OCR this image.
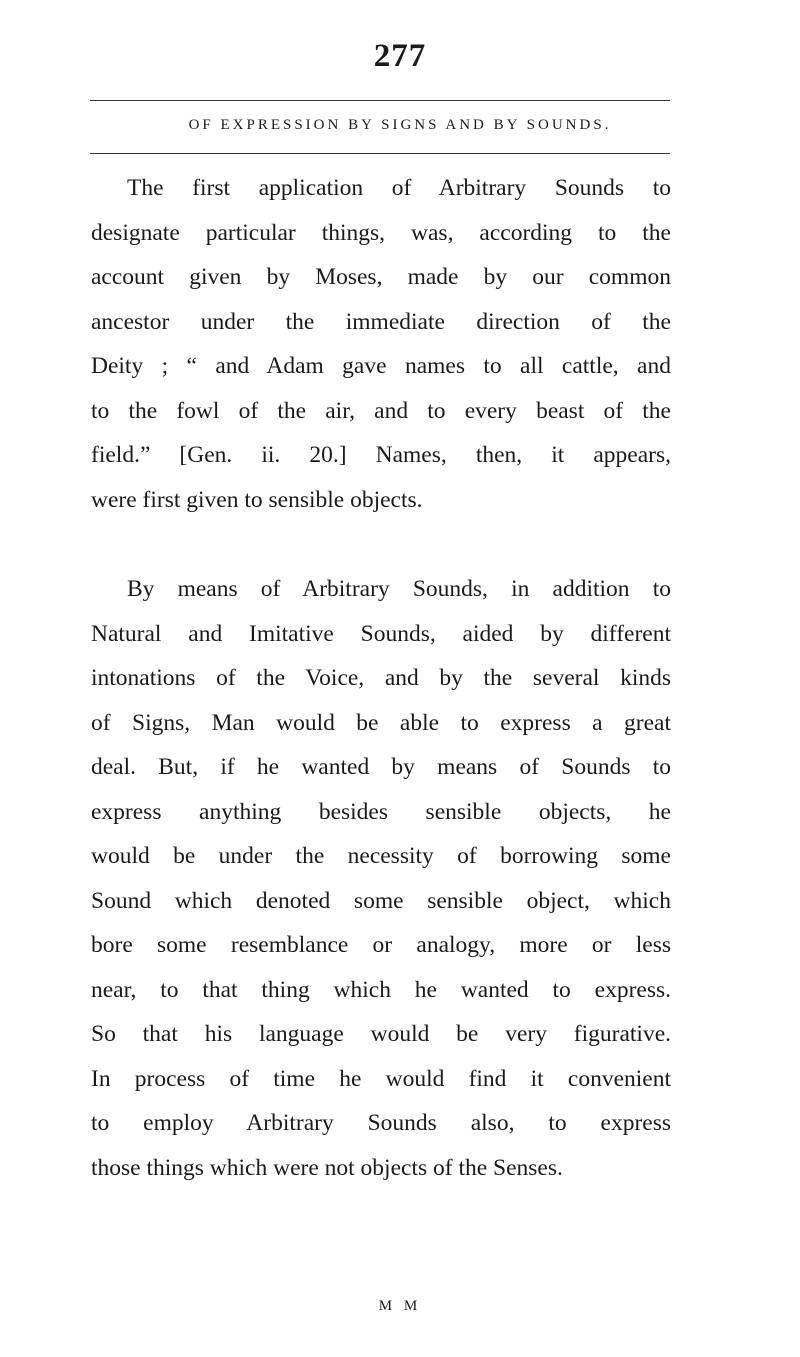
277
OF EXPRESSION BY SIGNS AND BY SOUNDS.
The first application of Arbitrary Sounds to
designate particular things, was, according to the
account given by Moses, made by our common
ancestor under the immediate direction of the
Deity ; “ and Adam gave names to all cattle, and
to the fowl of the air, and to every beast of the
field.” [Gen. ii. 20.] Names, then, it appears,
were first given to sensible objects.
By means of Arbitrary Sounds, in addition to
Natural and Imitative Sounds, aided by different
intonations of the Voice, and by the several kinds
of Signs, Man would be able to express a great
deal. But, if he wanted by means of Sounds to
express anything besides sensible objects, he
would be under the necessity of borrowing some
Sound which denoted some sensible object, which
bore some resemblance or analogy, more or less
near, to that thing which he wanted to express.
So that his language would be very figurative.
In process of time he would find it convenient
to employ Arbitrary Sounds also, to express
those things which were not objects of the Senses.
M M
